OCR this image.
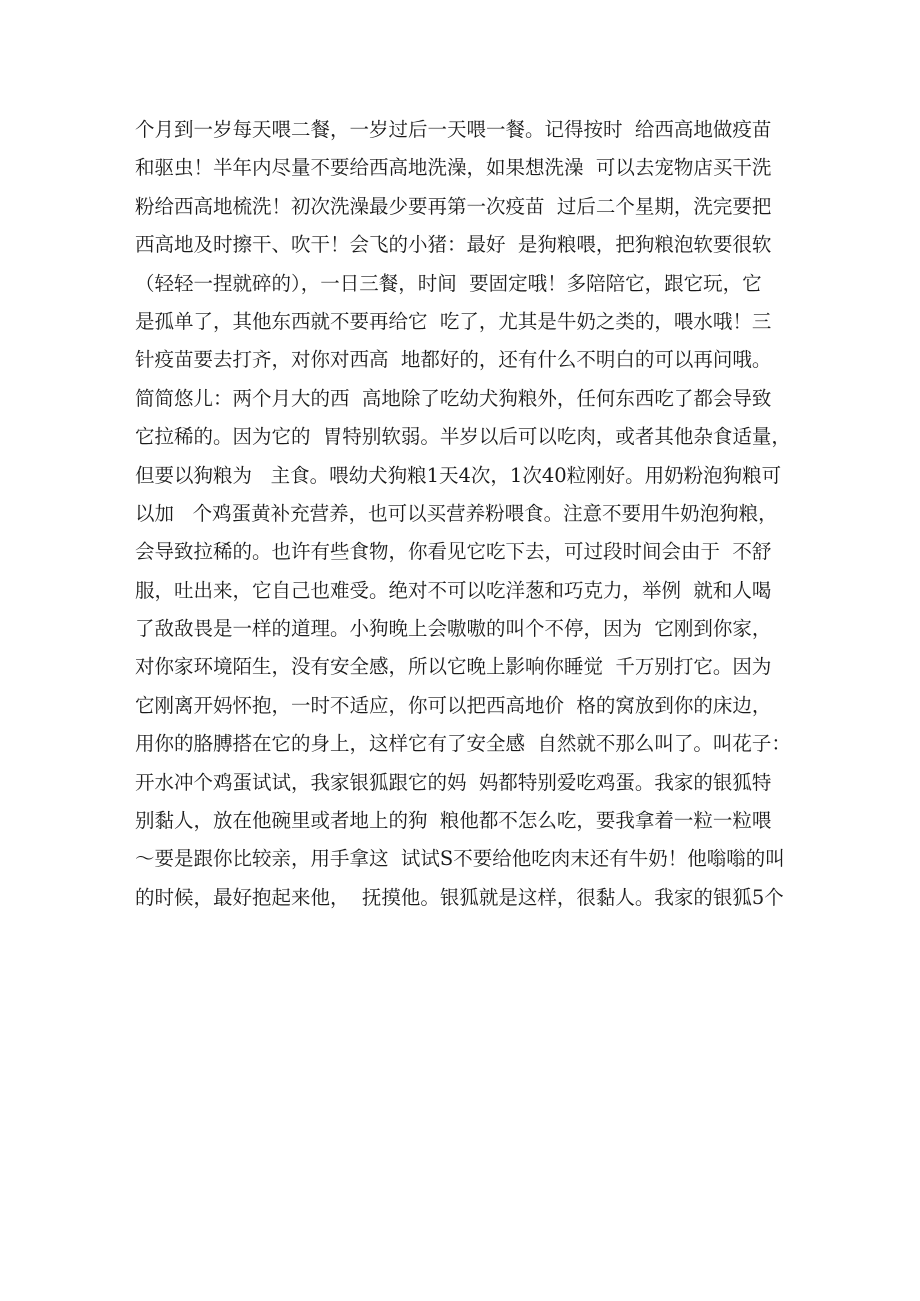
个月到一岁每天喂二餐，一岁过后一天喂一餐。记得按时  给西高地做疫苗
和驱虫！半年内尽量不要给西高地洗澡，如果想洗澡  可以去宠物店买干洗
粉给西高地梳洗！初次洗澡最少要再第一次疫苗  过后二个星期，洗完要把
西高地及时擦干、吹干！会飞的小猪：最好  是狗粮喂，把狗粮泡软要很软
（轻轻一捏就碎的），一日三餐，时间  要固定哦！多陪陪它，跟它玩，它
是孤单了，其他东西就不要再给它  吃了，尤其是牛奶之类的，喂水哦！三
针疫苗要去打齐，对你对西高  地都好的，还有什么不明白的可以再问哦。
简简悠儿：两个月大的西  高地除了吃幼犬狗粮外，任何东西吃了都会导致
它拉稀的。因为它的  胃特别软弱。半岁以后可以吃肉，或者其他杂食适量，
但要以狗粮为   主食。喂幼犬狗粮1天4次，1次40粒刚好。用奶粉泡狗粮可
以加   个鸡蛋黄补充营养，也可以买营养粉喂食。注意不要用牛奶泡狗粮，
会导致拉稀的。也许有些食物，你看见它吃下去，可过段时间会由于  不舒
服，吐出来，它自己也难受。绝对不可以吃洋葱和巧克力，举例  就和人喝
了敌敌畏是一样的道理。小狗晚上会嗷嗷的叫个不停，因为  它刚到你家，
对你家环境陌生，没有安全感，所以它晚上影响你睡觉  千万别打它。因为
它刚离开妈怀抱，一时不适应，你可以把西高地价  格的窝放到你的床边，
用你的胳膊搭在它的身上，这样它有了安全感  自然就不那么叫了。叫花子：
开水冲个鸡蛋试试，我家银狐跟它的妈  妈都特别爱吃鸡蛋。我家的银狐特
别黏人，放在他碗里或者地上的狗  粮他都不怎么吃，要我拿着一粒一粒喂
～要是跟你比较亲，用手拿这  试试S不要给他吃肉末还有牛奶！他嗡嗡的叫
的时候，最好抱起来他，  抚摸他。银狐就是这样，很黏人。我家的银狐5个
